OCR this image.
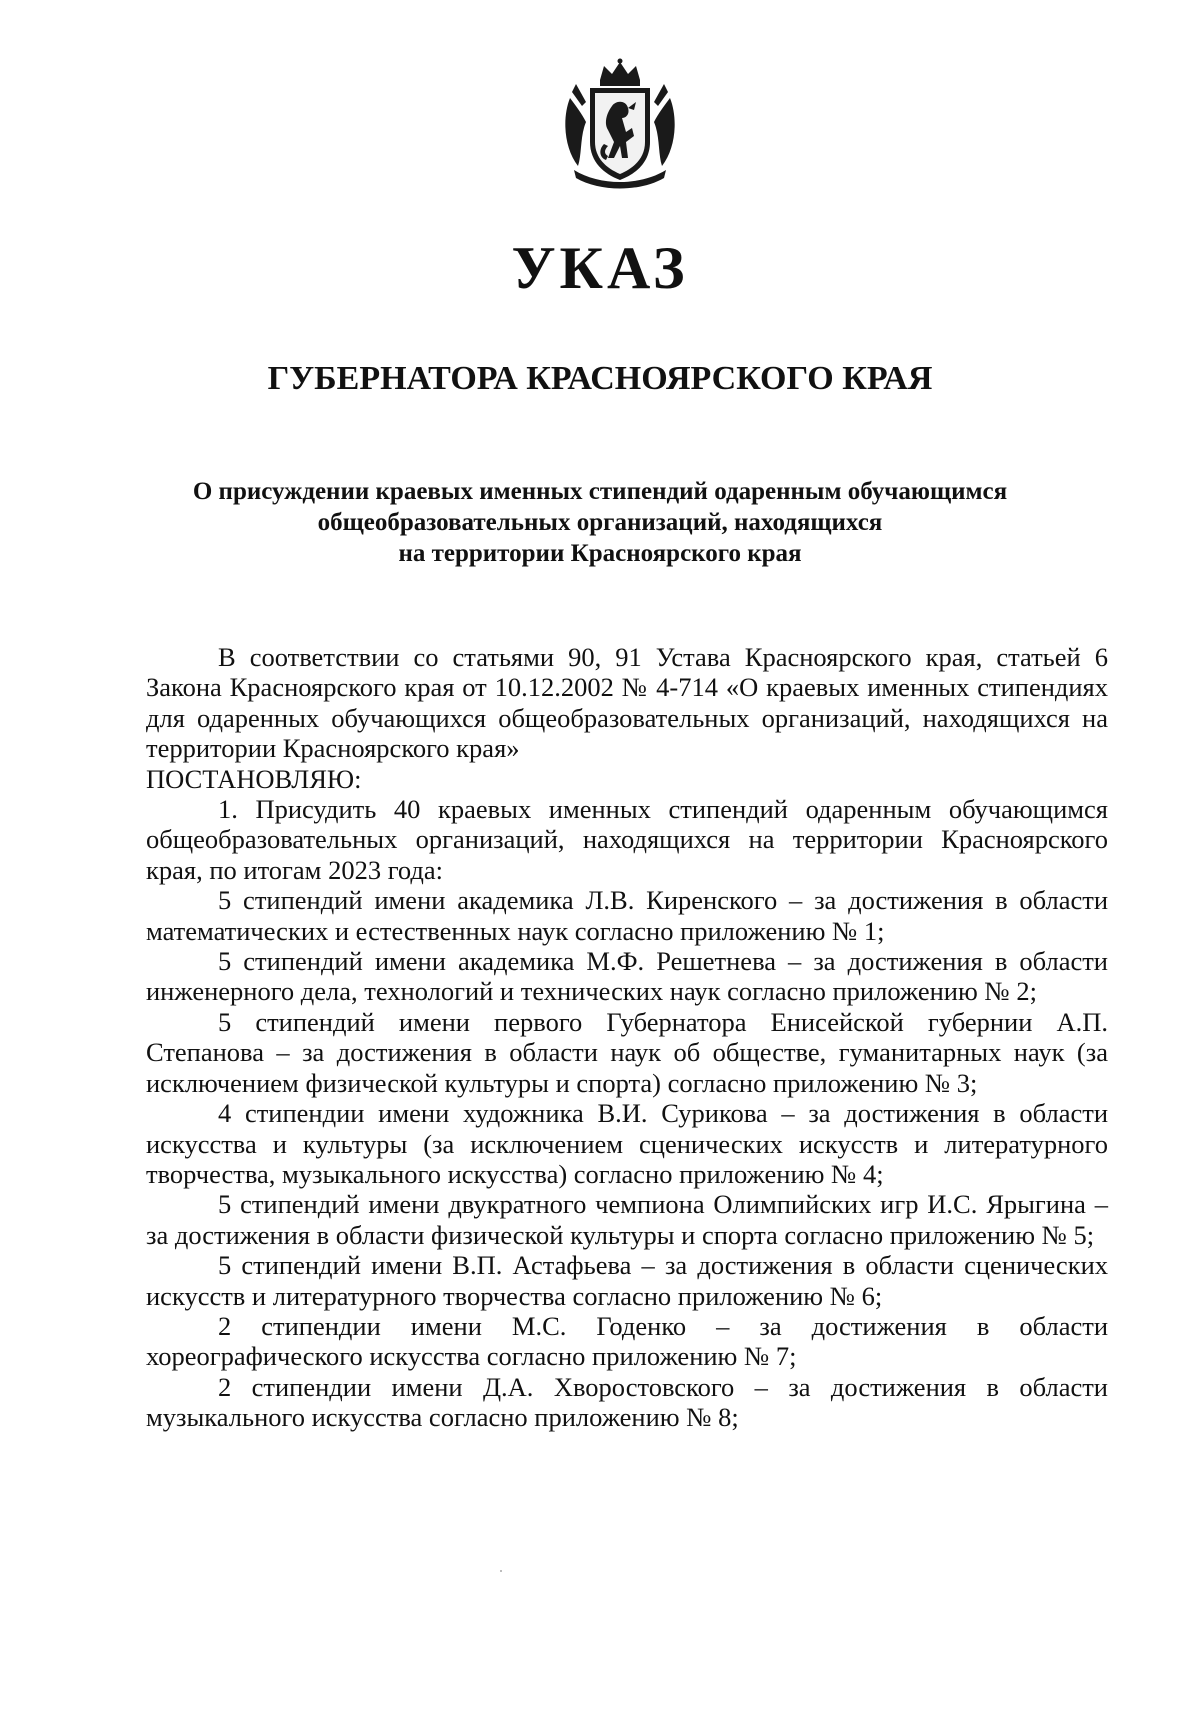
УКАЗ
ГУБЕРНАТОРА КРАСНОЯРСКОГО КРАЯ
О присуждении краевых именных стипендий одаренным обучающимся
общеобразовательных организаций, находящихся
на территории Красноярского края

В соответствии со статьями 90, 91 Устава Красноярского края, статьей 6 Закона Красноярского края от 10.12.2002 № 4-714 «О краевых именных стипендиях для одаренных обучающихся общеобразовательных организаций, находящихся на территории Красноярского края»

ПОСТАНОВЛЯЮ:

1. Присудить 40 краевых именных стипендий одаренным обучающимся общеобразовательных организаций, находящихся на территории Красноярского края, по итогам 2023 года:

5 стипендий имени академика Л.В. Киренского – за достижения в области математических и естественных наук согласно приложению № 1;

5 стипендий имени академика М.Ф. Решетнева – за достижения в области инженерного дела, технологий и технических наук согласно приложению № 2;

5 стипендий имени первого Губернатора Енисейской губернии А.П. Степанова – за достижения в области наук об обществе, гуманитарных наук (за исключением физической культуры и спорта) согласно приложению № 3;

4 стипендии имени художника В.И. Сурикова – за достижения в области искусства и культуры (за исключением сценических искусств и литературного творчества, музыкального искусства) согласно приложению № 4;

5 стипендий имени двукратного чемпиона Олимпийских игр И.С. Ярыгина – за достижения в области физической культуры и спорта согласно приложению № 5;

5 стипендий имени В.П. Астафьева – за достижения в области сценических искусств и литературного творчества согласно приложению № 6;

2 стипендии имени М.С. Годенко – за достижения в области хореографического искусства согласно приложению № 7;

2 стипендии имени Д.А. Хворостовского – за достижения в области музыкального искусства согласно приложению № 8;
